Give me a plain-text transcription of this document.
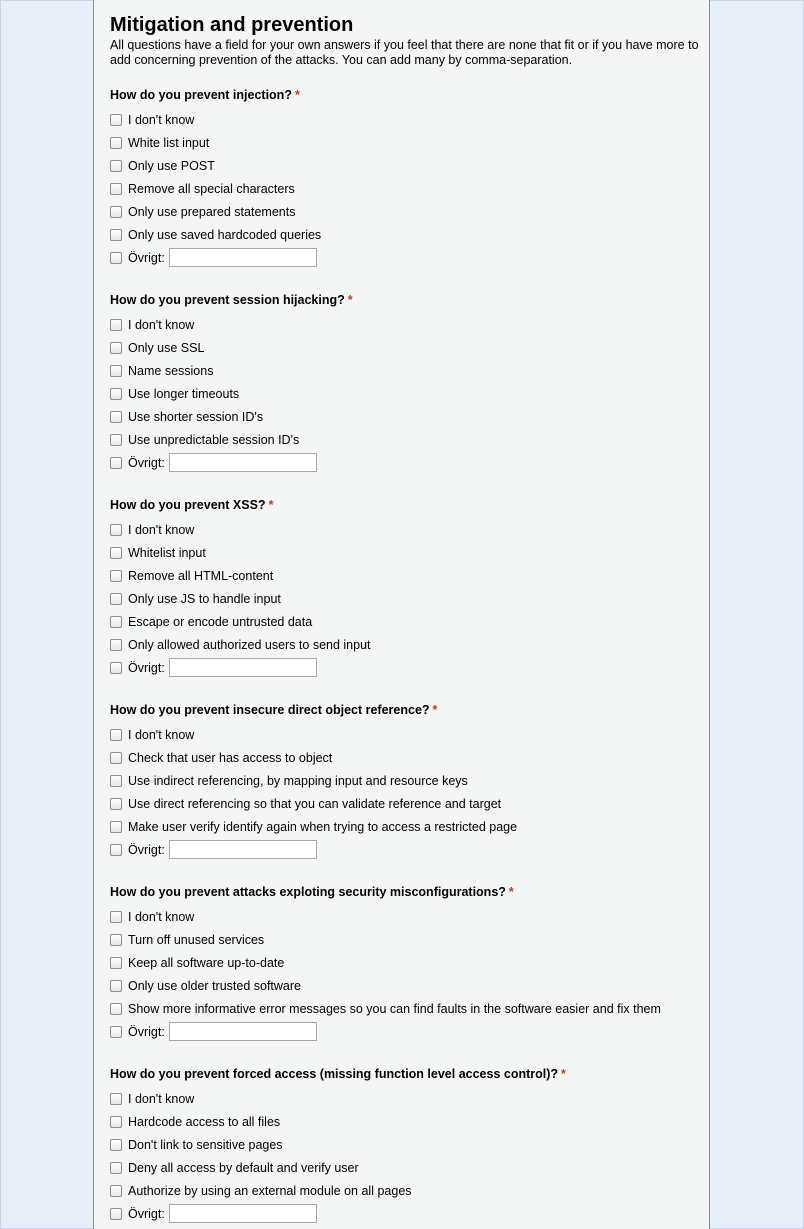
Mitigation and prevention

All questions have a field for your own answers if you feel that there are none that fit or if you have more to add concerning prevention of the attacks. You can add many by comma-separation.

How do you prevent injection? *
I don't know
White list input
Only use POST
Remove all special characters
Only use prepared statements
Only use saved hardcoded queries
Övrigt:
How do you prevent session hijacking? *
I don't know
Only use SSL
Name sessions
Use longer timeouts
Use shorter session ID's
Use unpredictable session ID's
Övrigt:
How do you prevent XSS? *
I don't know
Whitelist input
Remove all HTML-content
Only use JS to handle input
Escape or encode untrusted data
Only allowed authorized users to send input
Övrigt:
How do you prevent insecure direct object reference? *
I don't know
Check that user has access to object
Use indirect referencing, by mapping input and resource keys
Use direct referencing so that you can validate reference and target
Make user verify identify again when trying to access a restricted page
Övrigt:
How do you prevent attacks exploting security misconfigurations? *
I don't know
Turn off unused services
Keep all software up-to-date
Only use older trusted software
Show more informative error messages so you can find faults in the software easier and fix them
Övrigt:
How do you prevent forced access (missing function level access control)? *
I don't know
Hardcode access to all files
Don't link to sensitive pages
Deny all access by default and verify user
Authorize by using an external module on all pages
Övrigt:
